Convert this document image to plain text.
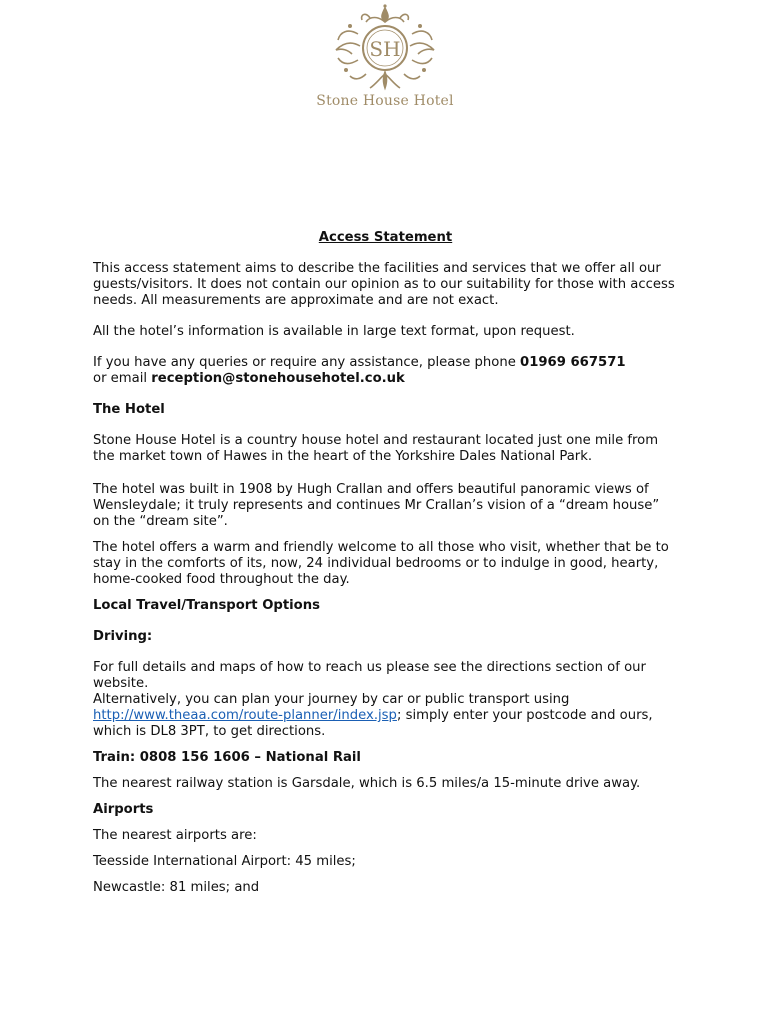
SH
Stone House Hotel

Access Statement

This access statement aims to describe the facilities and services that we offer all our guests/visitors. It does not contain our opinion as to our suitability for those with access needs. All measurements are approximate and are not exact.

All the hotel’s information is available in large text format, upon request.

If you have any queries or require any assistance, please phone 01969 667571
or email reception@stonehousehotel.co.uk

The Hotel

Stone House Hotel is a country house hotel and restaurant located just one mile from the market town of Hawes in the heart of the Yorkshire Dales National Park.

The hotel was built in 1908 by Hugh Crallan and offers beautiful panoramic views of Wensleydale; it truly represents and continues Mr Crallan’s vision of a “dream house” on the “dream site”.

The hotel offers a warm and friendly welcome to all those who visit, whether that be to stay in the comforts of its, now, 24 individual bedrooms or to indulge in good, hearty, home-cooked food throughout the day.

Local Travel/Transport Options

Driving:

For full details and maps of how to reach us please see the directions section of our website.

Alternatively, you can plan your journey by car or public transport using
http://www.theaa.com/route-planner/index.jsp; simply enter your postcode and ours, which is DL8 3PT, to get directions.

Train: 0808 156 1606 – National Rail

The nearest railway station is Garsdale, which is 6.5 miles/a 15-minute drive away.

Airports

The nearest airports are:

Teesside International Airport: 45 miles;

Newcastle: 81 miles; and
